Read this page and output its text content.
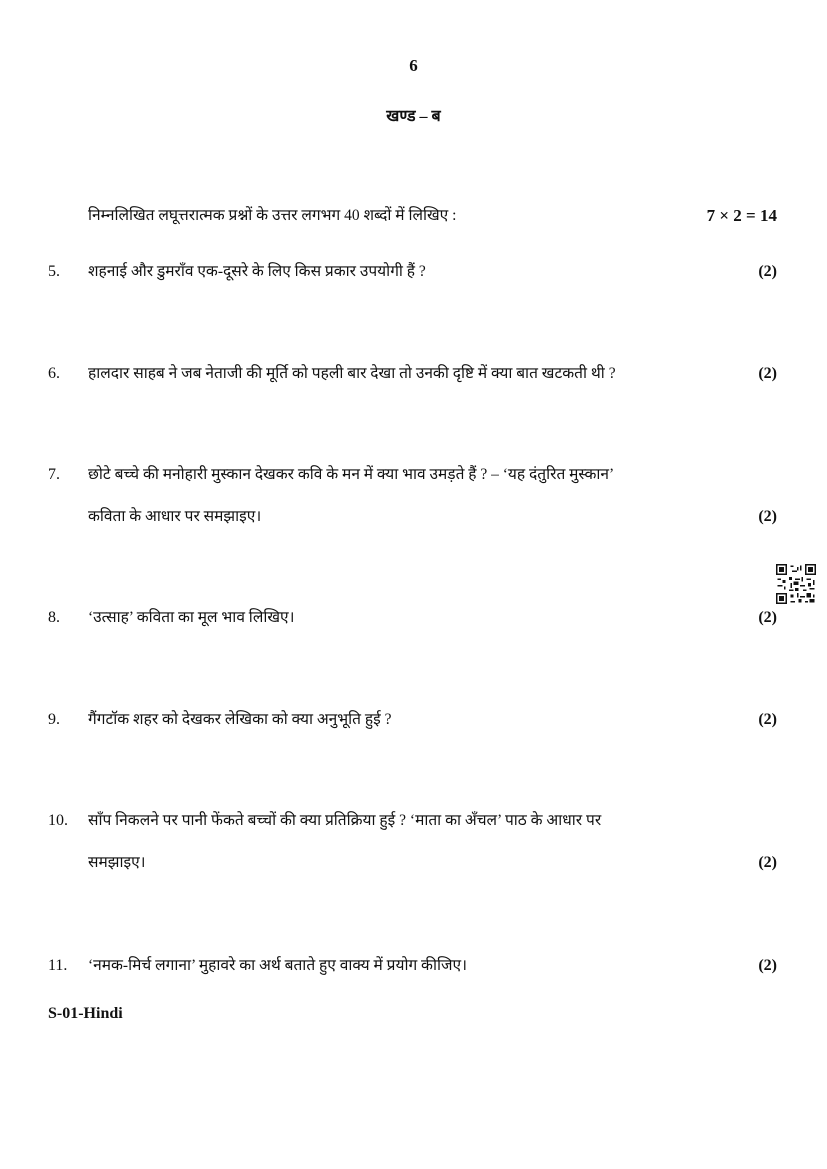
6
खण्ड – ब
निम्नलिखित लघूत्तरात्मक प्रश्नों के उत्तर लगभग 40 शब्दों में लिखिए :	7 × 2 = 14
5. शहनाई और डुमराँव एक-दूसरे के लिए किस प्रकार उपयोगी हैं ?	(2)
6. हालदार साहब ने जब नेताजी की मूर्ति को पहली बार देखा तो उनकी दृष्टि में क्या बात खटकती थी ?	(2)
7. छोटे बच्चे की मनोहारी मुस्कान देखकर कवि के मन में क्या भाव उमड़ते हैं ? – ‘यह दंतुरित मुस्कान’
कविता के आधार पर समझाइए।	(2)
8. ‘उत्साह’ कविता का मूल भाव लिखिए।	(2)
9. गैंगटॉक शहर को देखकर लेखिका को क्या अनुभूति हुई ?	(2)
10. साँप निकलने पर पानी फेंकते बच्चों की क्या प्रतिक्रिया हुई ? ‘माता का अँचल’ पाठ के आधार पर
समझाइए।	(2)
11. ‘नमक-मिर्च लगाना’ मुहावरे का अर्थ बताते हुए वाक्य में प्रयोग कीजिए।	(2)
S-01-Hindi
